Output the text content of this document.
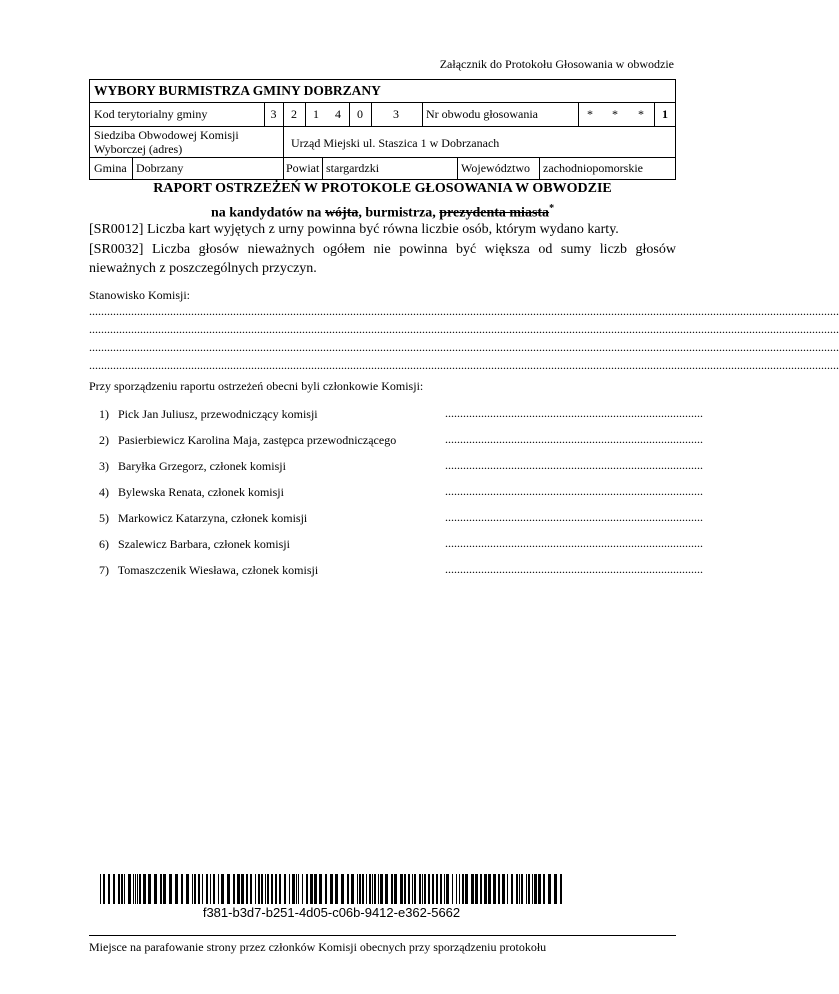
Załącznik do Protokołu Głosowania w obwodzie
WYBORY BURMISTRZA GMINY DOBRZANY
Kod terytorialny gminy	3	2	1	4	0	3	Nr obwodu głosowania	*	*	*	1
Siedziba Obwodowej Komisji Wyborczej (adres)	Urząd Miejski ul. Staszica 1 w Dobrzanach
Gmina Dobrzany	Powiat stargardzki	Województwo zachodniopomorskie
RAPORT OSTRZEŻEŃ W PROTOKOLE GŁOSOWANIA W OBWODZIE
na kandydatów na wójta, burmistrza, prezydenta miasta*
[SR0012] Liczba kart wyjętych z urny powinna być równa liczbie osób, którym wydano karty.
[SR0032] Liczba głosów nieważnych ogółem nie powinna być większa od sumy liczb głosów nieważnych z poszczególnych przyczyn.
Stanowisko Komisji:
..........................................................................................................................................................................................................................................................
..........................................................................................................................................................................................................................................................
..........................................................................................................................................................................................................................................................
..........................................................................................................................................................................................................................................................
Przy sporządzeniu raportu ostrzeżeń obecni byli członkowie Komisji:
1) Pick Jan Juliusz, przewodniczący komisji	......................................................................................
2) Pasierbiewicz Karolina Maja, zastępca przewodniczącego	......................................................................................
3) Baryłka Grzegorz, członek komisji	......................................................................................
4) Bylewska Renata, członek komisji	......................................................................................
5) Markowicz Katarzyna, członek komisji	......................................................................................
6) Szalewicz Barbara, członek komisji	......................................................................................
7) Tomaszczenik Wiesława, członek komisji	......................................................................................
f381-b3d7-b251-4d05-c06b-9412-e362-5662
Miejsce na parafowanie strony przez członków Komisji obecnych przy sporządzeniu protokołu
